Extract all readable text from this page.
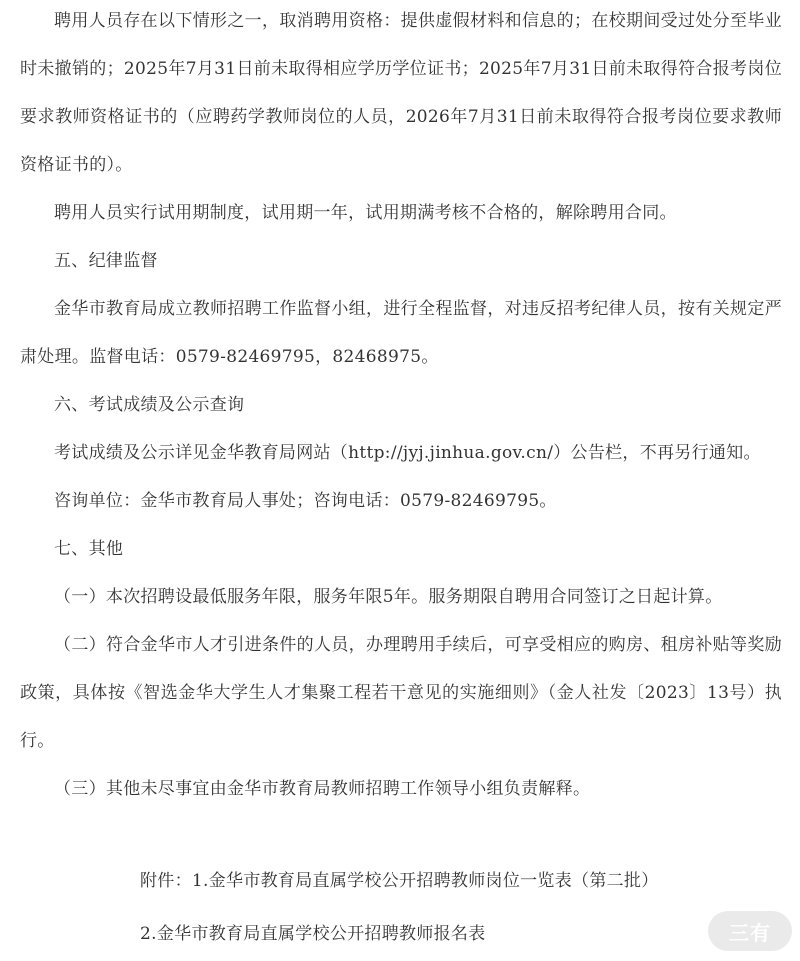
聘用人员存在以下情形之一，取消聘用资格：提供虚假材料和信息的；在校期间受过处分至毕业时未撤销的；2025年7月31日前未取得相应学历学位证书；2025年7月31日前未取得符合报考岗位要求教师资格证书的（应聘药学教师岗位的人员，2026年7月31日前未取得符合报考岗位要求教师资格证书的）。

聘用人员实行试用期制度，试用期一年，试用期满考核不合格的，解除聘用合同。

五、纪律监督

金华市教育局成立教师招聘工作监督小组，进行全程监督，对违反招考纪律人员，按有关规定严肃处理。监督电话：0579-82469795，82468975。

六、考试成绩及公示查询

考试成绩及公示详见金华教育局网站（http://jyj.jinhua.gov.cn/）公告栏，不再另行通知。

咨询单位：金华市教育局人事处；咨询电话：0579-82469795。

七、其他

（一）本次招聘设最低服务年限，服务年限5年。服务期限自聘用合同签订之日起计算。

（二）符合金华市人才引进条件的人员，办理聘用手续后，可享受相应的购房、租房补贴等奖励政策，具体按《智选金华大学生人才集聚工程若干意见的实施细则》（金人社发〔2023〕13号）执行。

（三）其他未尽事宜由金华市教育局教师招聘工作领导小组负责解释。

附件：1.金华市教育局直属学校公开招聘教师岗位一览表（第二批）

2.金华市教育局直属学校公开招聘教师报名表	三有
